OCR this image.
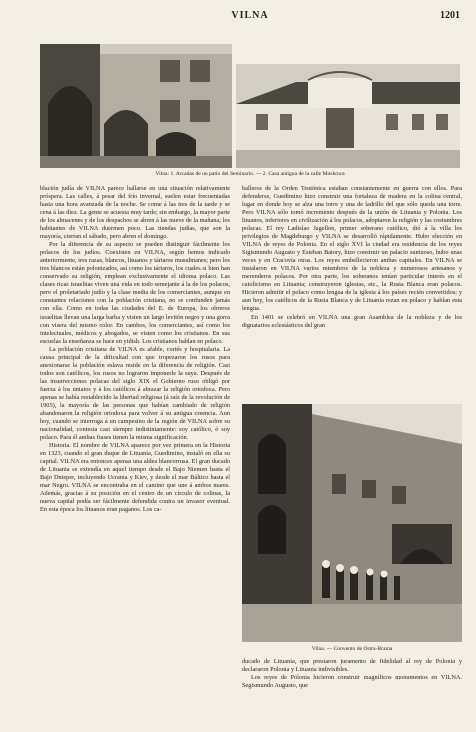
VILNA	1201
Vilna: 1. Arcadas de un patio del Seminario. — 2. Casa antigua de la calle Moskowa

blación judía de VILNA parece hallarse en una situación relativamente próspera. Las calles, á pesar del frío invernal, suelen estar frecuentadas hasta una hora avanzada de la noche. Se come á las tres de la tarde y se cena á las diez. La gente se acuesta muy tarde; sin embargo, la mayor parte de los almacenes y de los despachos se abren á las nueve de la mañana; los habitantes de VILNA duermen poco. Las tiendas judías, que son la mayoría, cierran el sábado, pero abren el domingo.

Por la diferencia de su aspecto se pueden distinguir fácilmente los polacos de los judíos. Coexisten en VILNA, según hemos indicado anteriormente, tres razas, blancos, lituanos y tártaros musulmanes; pero los tres blancos están polonizados, así como los tártaros, los cuales si bien han conservado su religión, emplean exclusivamente el idioma polaco. Las clases ricas israelitas viven una vida en todo semejante á la de los polacos, pero el proletariado judío y la clase media de los comerciantes, aunque en constantes relaciones con la población cristiana, no se confunden jamás con ella. Como en todas las ciudades del E. de Europa, los obreros israelitas llevan una larga barba y visten un largo levitón negro y una gorra con visera del mismo color. En cambos, los comerciantes, así como los intelectuales, médicos y abogados, se visten como los cristianos. En sus escuelas la enseñanza se hace en yidish. Los cristianos hablan en polaco.

La población cristiana de VILNA es afable, cortés y hospitalaria. La causa principal de la dificultad con que tropezaron los rusos para anexionarse la población eslava reside en la diferencia de religión. Casi todos son católicos, los rusos no lograron imponerle la suya. Después de las insurrecciones polacas del siglo XIX el Gobierno ruso obligó por fuerza á los uniatos y á los católicos á abrazar la religión ortodoxa. Pero apenas se había restablecido la libertad religiosa (á raíz de la revolución de 1905), la mayoría de las personas que habían cambiado de religión abandonaron la religión ortodoxa para volver á su antigua creencia. Aun hoy, cuando se interroga á un campesino de la región de VILNA sobre su nacionalidad, contesta casi siempre indistintamente: soy católico, ó soy polaco. Para él ambas frases tienen la misma significación.

Historia. El nombre de VILNA aparece por vez primera en la Historia en 1323, cuando el gran duque de Lituania, Guedimino, instaló en ella su capital. VILNA era entonces apenas una aldea blancorrusa. El gran ducado de Lituania se extendía en aquel tiempo desde el Bajo Niemen hasta el Bajo Dnieper, incluyendo Ucrania y Kiev, y desde el mar Báltico hasta el mar Negro. VILNA se encontraba en el camino que une á ambos mares. Además, gracias á su posición en el centro de un círculo de colinas, la nueva capital podía ser fácilmente defendida contra un invasor eventual. En esta época los lituanos eran paganos. Los ca-

balleros de la Orden Teutónica estaban constantemente en guerra con ellos. Para defenderse, Guedimino hizo construir una fortaleza de madera en la colina central, lugar en donde hoy se alza una torre y una de ladrillo del que sólo queda una torre. Pero VILNA sólo tomó incremento después de la unión de Lituania y Polonia. Los lituanos, inferiores en civilización á los polacos, adoptaron la religión y las costumbres polacas. El rey Ladislao Jagellon, primer soberano católico, dió á la villa los privilegios de Magdeburgo y VILNA se desarrolló rápidamente. Hubo elección en VILNA de reyes de Polonia. En el siglo XVI la ciudad era residencia de los reyes Sigismundo Augusto y Esteban Batory, hizo construir un palacio suntuoso, hubo unas veces y en Cracovia otras. Los reyes embellecieron ambas capitales. En VILNA se instalaron en VILNA varios miembros de la nobleza y numerosos artesanos y merenderos polacos. Por otra parte, los soberanos tenían particular interés en el catolicismo en Lituania; construyeron iglesias, etc., la Rusia Blanca eran polacos. Hicieron admitir el polaco como lengua de la iglesia á los países recién convertidos; y aun hoy, los católicos de la Rusia Blanca y de Lituania rezan en polaco y hablan esta lengua.

En 1401 se celebró en VILNA una gran Asamblea de la nobleza y de los dignatarios eclesiásticos del gran

Vilna. — Convento de Ostra-Brama

ducado de Lituania, que prestaron juramento de fidelidad al rey de Polonia y declararon Polonia y Lituania indivisibles.

Los reyes de Polonia hicieron construir magníficos monumentos en VILNA. Segismundo Augusto, que
